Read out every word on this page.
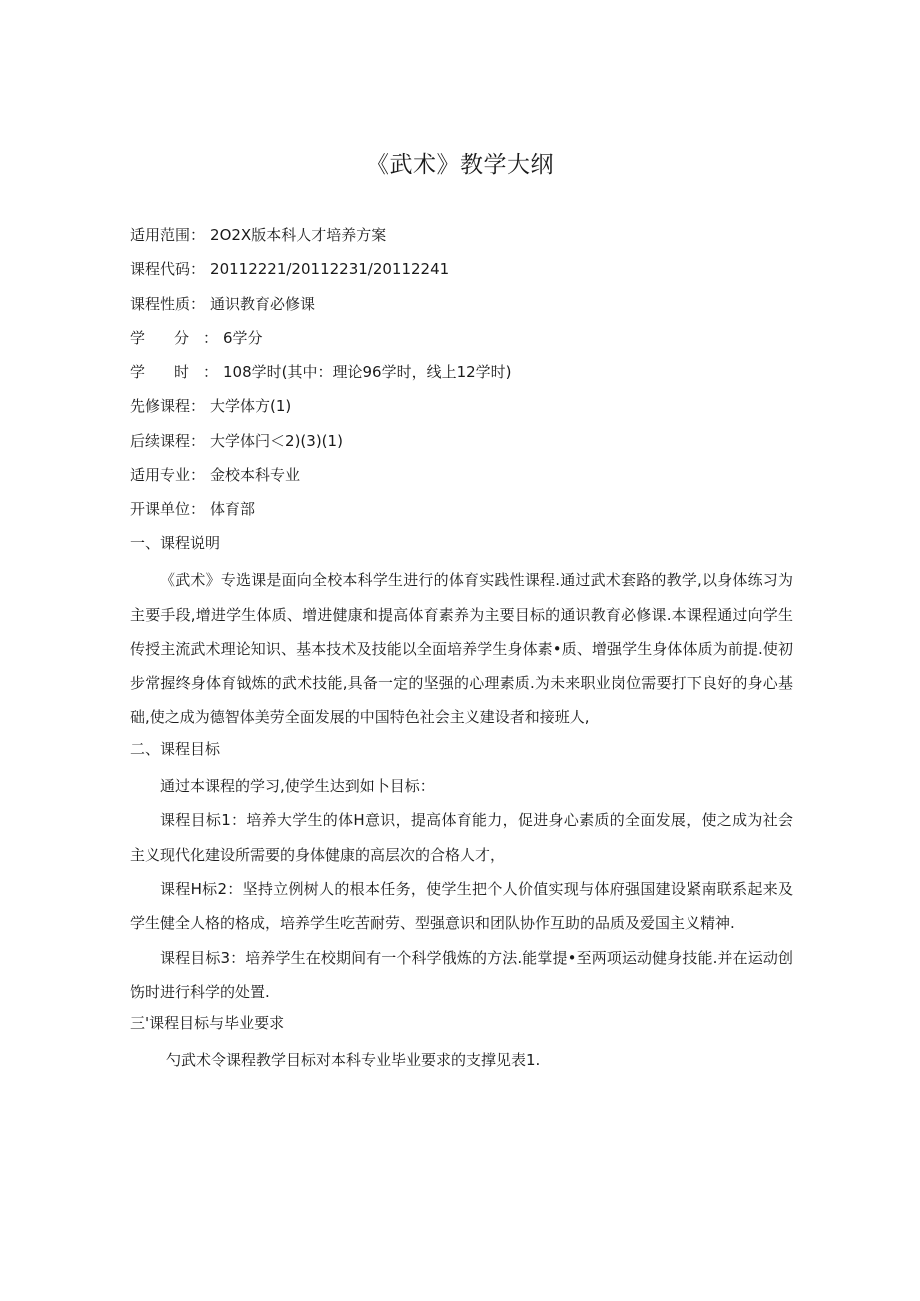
《武术》教学大纲
适用范围： 2O2X版本科人才培养方案
课程代码： 20112221/20112231/20112241
课程性质： 通识教育必修课
学 分 ： 6学分
学 时 ： 108学时(其中：理论96学时，线上12学时)
先修课程： 大学体方(1)
后续课程： 大学体闩＜2)(3)(1)
适用专业： 金校本科专业
开课单位： 体育部

一、课程说明

《武术》专选课是面向全校本科学生进行的体育实践性课程.通过武术套路的教学,以身体练习为主要手段,增进学生体质、增进健康和提高体育素养为主要目标的通识教育必修课.本课程通过向学生传授主流武术理论知识、基本技术及技能以全面培养学生身体素•质、增强学生身体体质为前提.使初步常握终身体育钺炼的武术技能,具备一定的坚强的心理素质.为未来职业岗位需要打下良好的身心基础,使之成为德智体美劳全面发展的中国特色社会主义建设者和接班人,

二、课程目标

通过本课程的学习,使学生达到如卜目标：

课程目标1：培养大学生的体H意识，提高体育能力，促进身心素质的全面发展，使之成为社会主义现代化建设所需要的身体健康的高层次的合格人才，

课程H标2：坚持立例树人的根本任务，使学生把个人价值实现与体府强国建设紧南联系起来及学生健全人格的格成，培养学生吃苦耐劳、型强意识和团队协作互助的品质及爱国主义精神.

课程目标3：培养学生在校期间有一个科学俄炼的方法.能掌提•至两项运动健身技能.并在运动创饬时进行科学的处置.

三'课程目标与毕业要求

勺武术令课程教学目标对本科专业毕业要求的支撑见表1.
